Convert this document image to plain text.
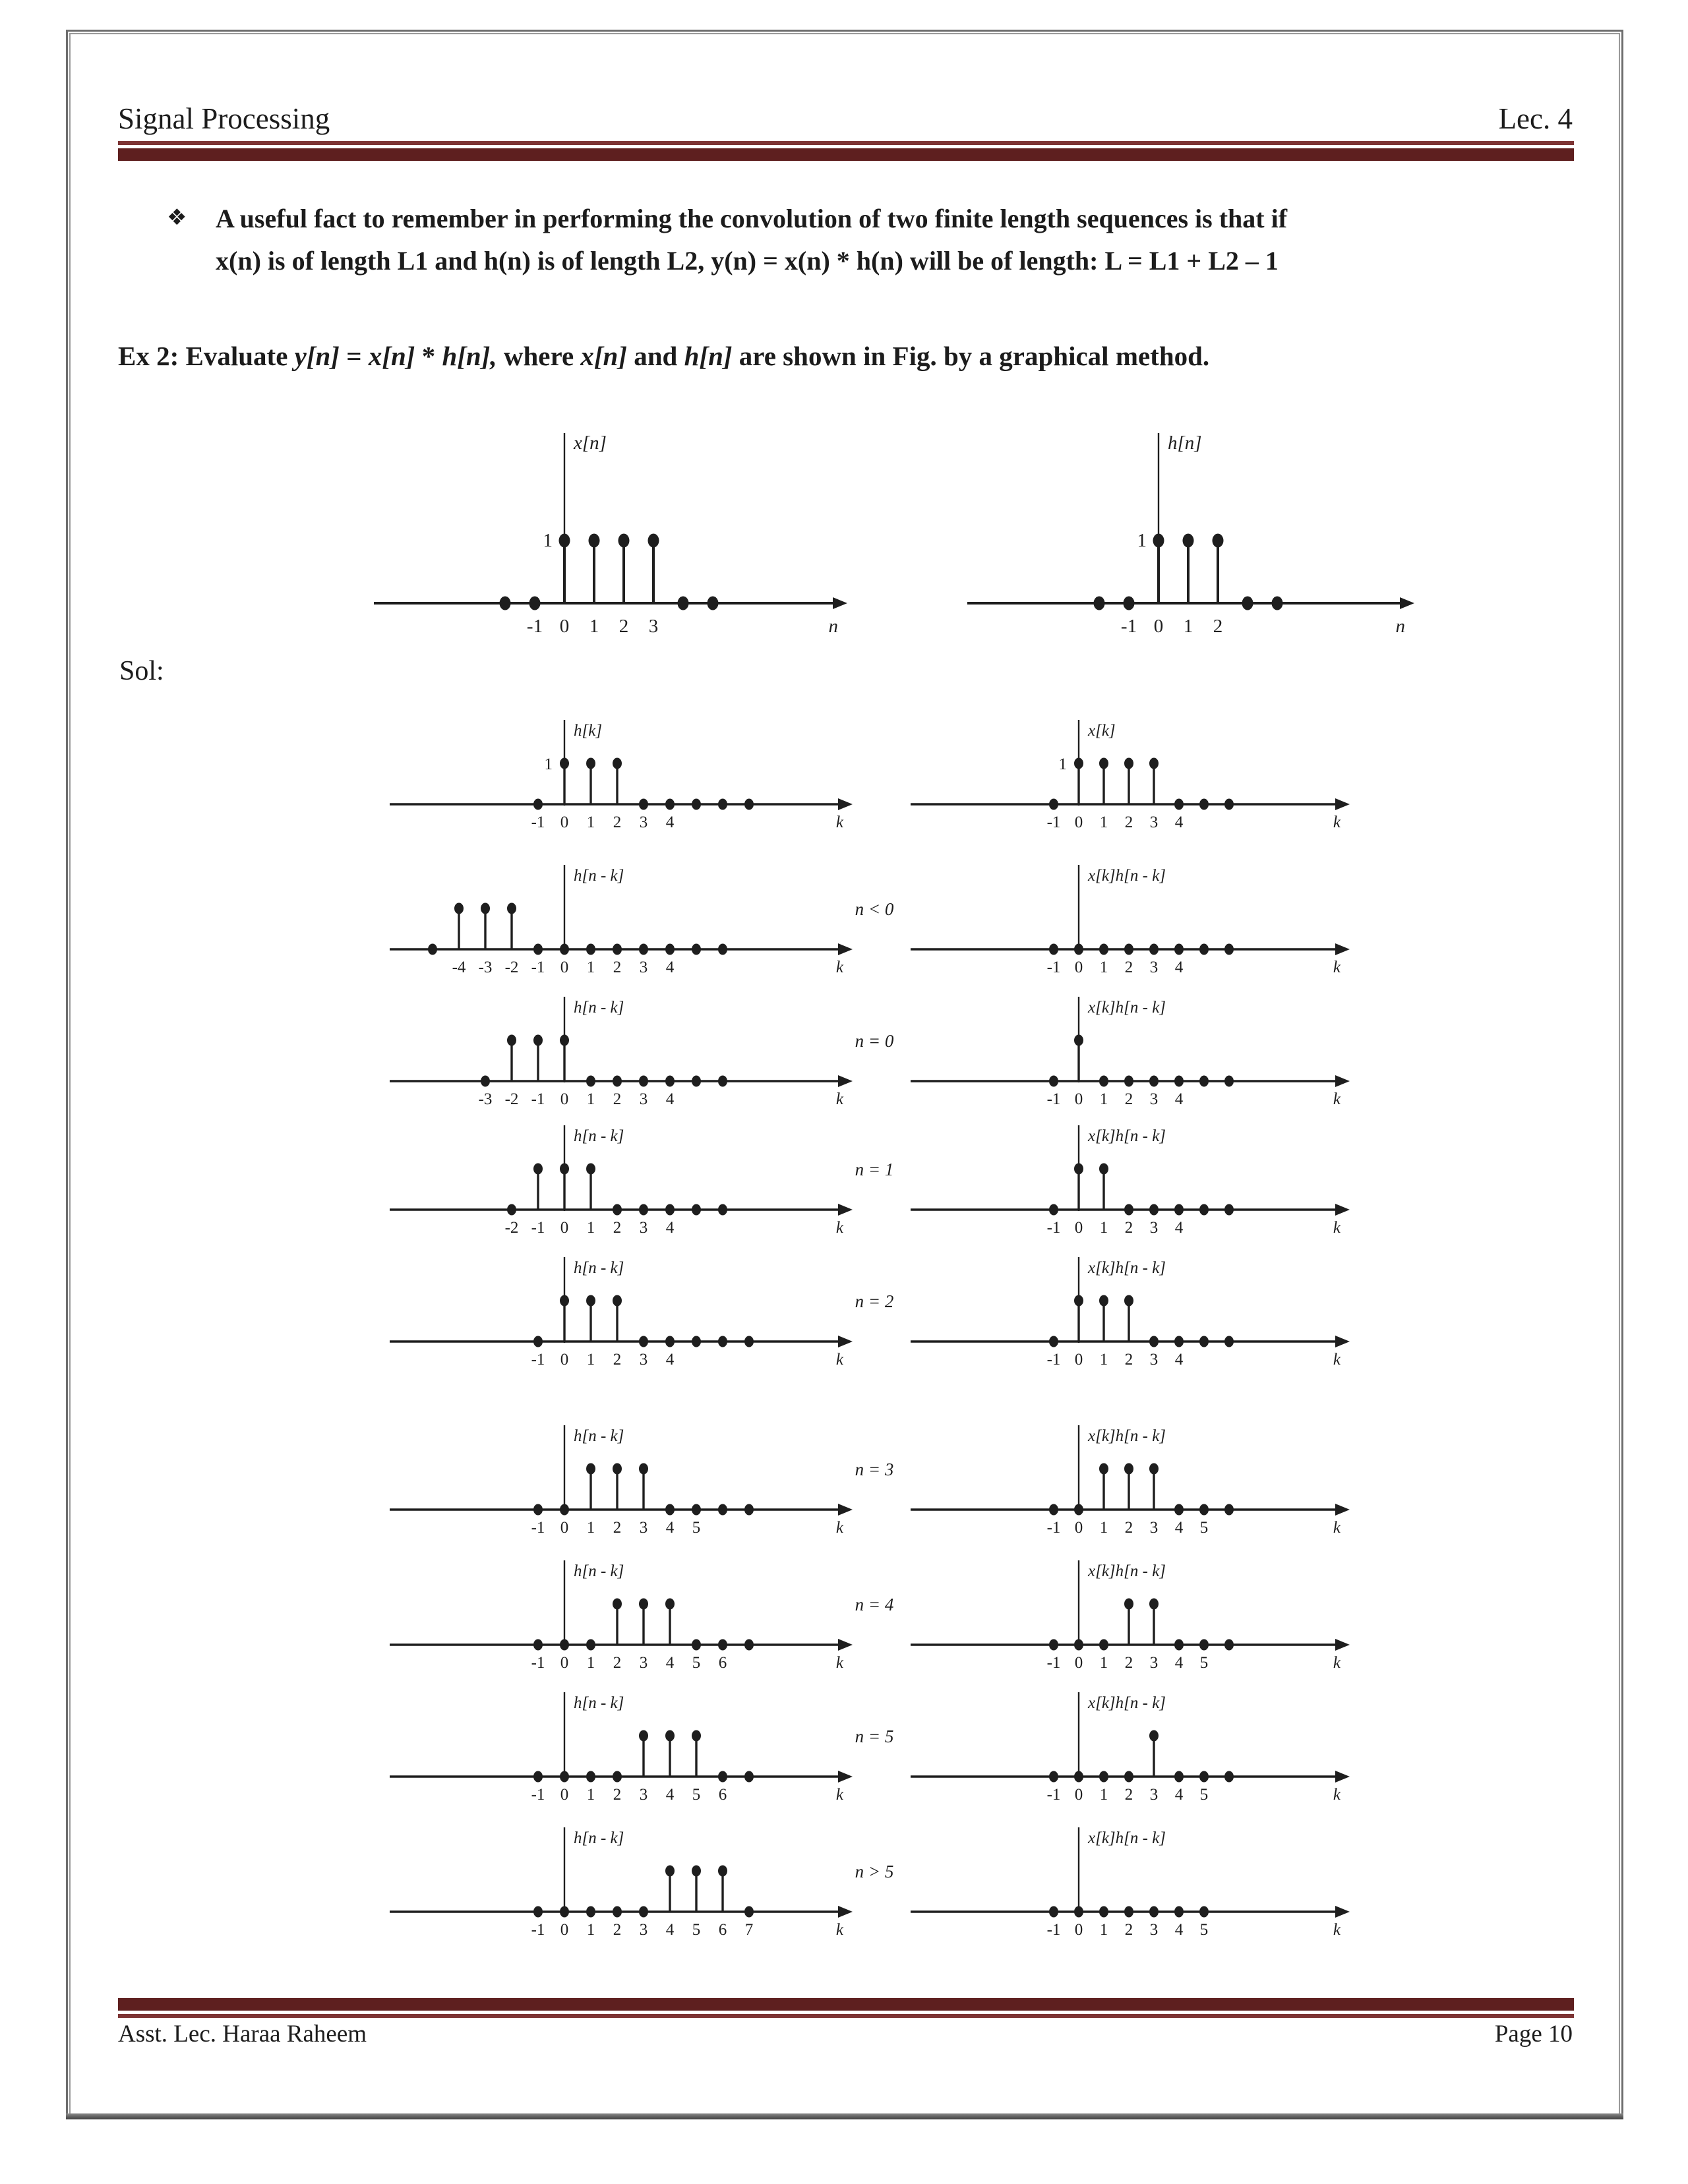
Signal Processing	Lec. 4
❖ A useful fact to remember in performing the convolution of two finite length sequences is that if
x(n) is of length L1 and h(n) is of length L2, y(n) = x(n) * h(n) will be of length: L = L1 + L2 – 1
Ex 2: Evaluate y[n] = x[n] * h[n], where x[n] and h[n] are shown in Fig. by a graphical method.
x[n]
1
-1 0 1 2 3	n
h[n]
1
-1 0 1 2	n
Sol:
h[k]
1
-1 0 1 2 3 4	k
x[k]
1
-1 0 1 2 3 4	k
h[n - k]
-4 -3 -2 -1 0 1 2 3 4	k
x[k]h[n - k]
-1 0 1 2 3 4	k
n < 0
h[n - k]
-3 -2 -1 0 1 2 3 4	k
x[k]h[n - k]
-1 0 1 2 3 4	k
n = 0
h[n - k]
-2 -1 0 1 2 3 4	k
x[k]h[n - k]
-1 0 1 2 3 4	k
n = 1
h[n - k]
-1 0 1 2 3 4	k
x[k]h[n - k]
-1 0 1 2 3 4	k
n = 2
h[n - k]
-1 0 1 2 3 4 5	k
x[k]h[n - k]
-1 0 1 2 3 4 5	k
n = 3
h[n - k]
-1 0 1 2 3 4 5 6	k
x[k]h[n - k]
-1 0 1 2 3 4 5	k
n = 4
h[n - k]
-1 0 1 2 3 4 5 6	k
x[k]h[n - k]
-1 0 1 2 3 4 5	k
n = 5
h[n - k]
-1 0 1 2 3 4 5 6 7	k
x[k]h[n - k]
-1 0 1 2 3 4 5	k
n > 5
Asst. Lec. Haraa Raheem	Page 10
